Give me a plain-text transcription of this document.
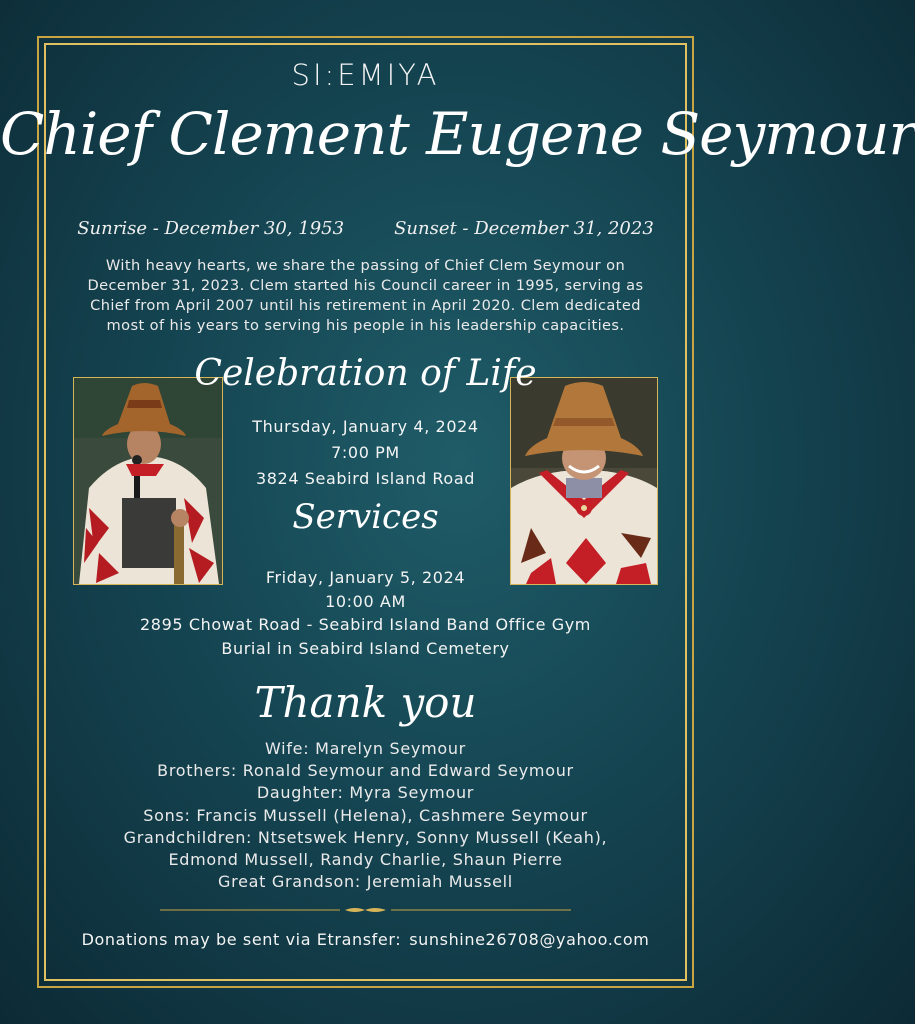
SI:EMIYA
Chief Clement Eugene Seymour
Sunrise - December 30, 1953	Sunset - December 31, 2023
With heavy hearts, we share the passing of Chief Clem Seymour on
December 31, 2023. Clem started his Council career in 1995, serving as
Chief from April 2007 until his retirement in April 2020. Clem dedicated
most of his years to serving his people in his leadership capacities.
Celebration of Life
Thursday, January 4, 2024
7:00 PM
3824 Seabird Island Road
Services
Friday, January 5, 2024
10:00 AM
2895 Chowat Road - Seabird Island Band Office Gym
Burial in Seabird Island Cemetery
Thank you
Wife: Marelyn Seymour
Brothers: Ronald Seymour and Edward Seymour
Daughter: Myra Seymour
Sons: Francis Mussell (Helena), Cashmere Seymour
Grandchildren: Ntsetswek Henry, Sonny Mussell (Keah),
Edmond Mussell, Randy Charlie, Shaun Pierre
Great Grandson: Jeremiah Mussell
Donations may be sent via Etransfer: sunshine26708@yahoo.com
